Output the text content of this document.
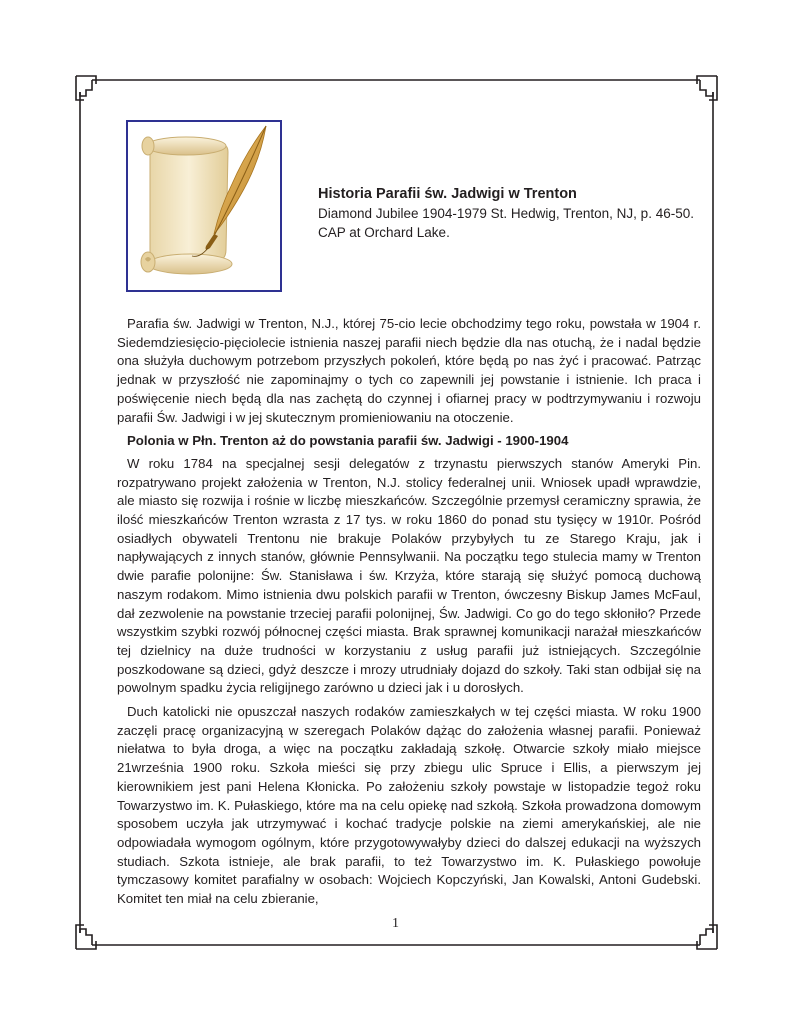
Historia Parafii św. Jadwigi w Trenton

Diamond Jubilee 1904-1979 St. Hedwig, Trenton, NJ, p. 46-50.

CAP at Orchard Lake.

Parafia św. Jadwigi w Trenton, N.J., której 75-cio lecie obchodzimy tego roku, powstała w 1904 r. Siedemdziesięcio-pięciolecie istnienia naszej parafii niech będzie dla nas otuchą, że i nadal będzie ona służyła duchowym potrzebom przyszłych pokoleń, które będą po nas żyć i pracować. Patrząc jednak w przyszłość nie zapominajmy o tych co zapewnili jej powstanie i istnienie. Ich praca i poświęcenie niech będą dla nas zachętą do czynnej i ofiarnej pracy w podtrzymywaniu i rozwoju parafii Św. Jadwigi i w jej skutecznym promieniowaniu na otoczenie.

Polonia w Płn. Trenton aż do powstania parafii św. Jadwigi - 1900-1904

W roku 1784 na specjalnej sesji delegatów z trzynastu pierwszych stanów Ameryki Pin. rozpatrywano projekt założenia w Trenton, N.J. stolicy federalnej unii. Wniosek upadł wprawdzie, ale miasto się rozwija i rośnie w liczbę mieszkańców. Szczególnie przemysł ceramiczny sprawia, że ilość mieszkańców Trenton wzrasta z 17 tys. w roku 1860 do ponad stu tysięcy w 1910r. Pośród osiadłych obywateli Trentonu nie brakuje Polaków przybyłych tu ze Starego Kraju, jak i napływających z innych stanów, głównie Pennsylwanii. Na początku tego stulecia mamy w Trenton dwie parafie polonijne: Św. Stanisława i św. Krzyża, które starają się służyć pomocą duchową naszym rodakom. Mimo istnienia dwu polskich parafii w Trenton, ówczesny Biskup James McFaul, dał zezwolenie na powstanie trzeciej parafii polonijnej, Św. Jadwigi. Co go do tego skłoniło? Przede wszystkim szybki rozwój północnej części miasta. Brak sprawnej komunikacji narażał mieszkańców tej dzielnicy na duże trudności w korzystaniu z usług parafii już istniejących. Szczególnie poszkodowane są dzieci, gdyż deszcze i mrozy utrudniały dojazd do szkoły. Taki stan odbijał się na powolnym spadku życia religijnego zarówno u dzieci jak i u dorosłych.

Duch katolicki nie opuszczał naszych rodaków zamieszkałych w tej części miasta. W roku 1900 zaczęli pracę organizacyjną w szeregach Polaków dążąc do założenia własnej parafii. Ponieważ niełatwa to była droga, a więc na początku zakładają szkołę. Otwarcie szkoły miało miejsce 21września 1900 roku. Szkoła mieści się przy zbiegu ulic Spruce i Ellis, a pierwszym jej kierownikiem jest pani Helena Kłonicka. Po założeniu szkoły powstaje w listopadzie tegoż roku Towarzystwo im. K. Pułaskiego, które ma na celu opiekę nad szkołą. Szkoła prowadzona domowym sposobem uczyła jak utrzymywać i kochać tradycje polskie na ziemi amerykańskiej, ale nie odpowiadała wymogom ogólnym, które przygotowywałyby dzieci do dalszej edukacji na wyższych studiach. Szkota istnieje, ale brak parafii, to też Towarzystwo im. K. Pułaskiego powołuje tymczasowy komitet parafialny w osobach: Wojciech Kopczyński, Jan Kowalski, Antoni Gudebski. Komitet ten miał na celu zbieranie,

1
